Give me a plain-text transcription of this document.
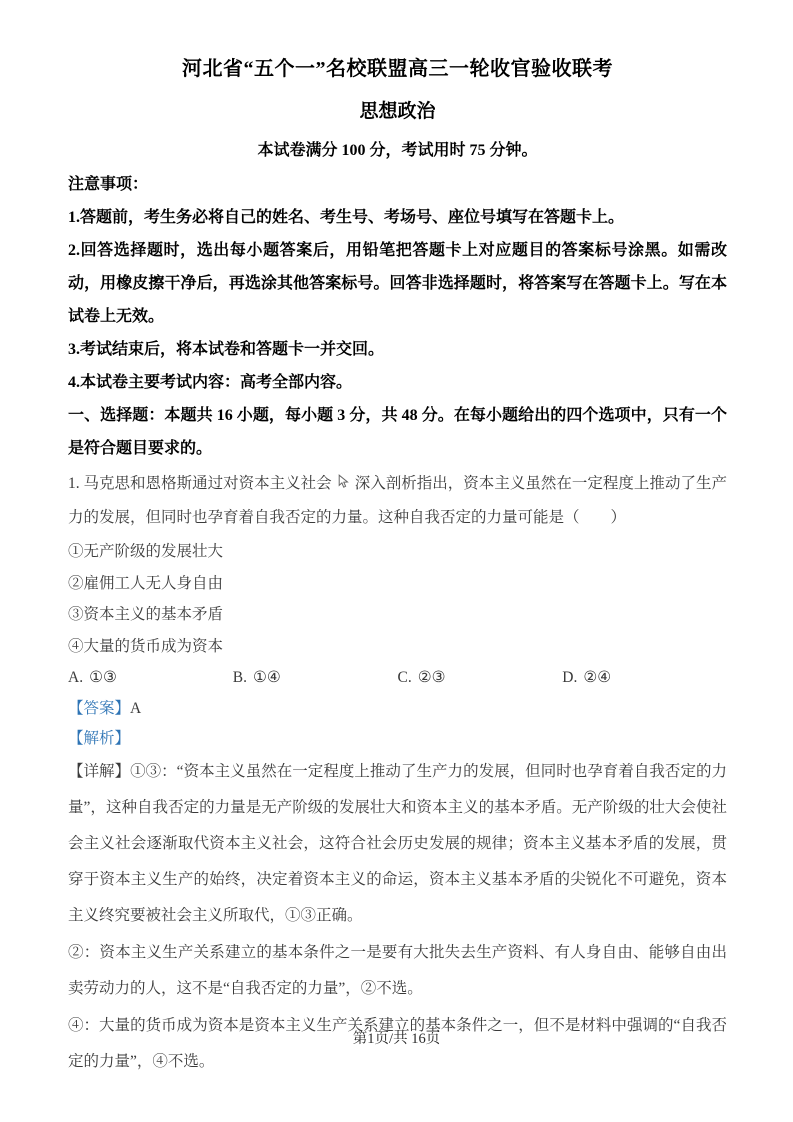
河北省“五个一”名校联盟高三一轮收官验收联考
思想政治
本试卷满分 100 分，考试用时 75 分钟。

注意事项：

1.答题前，考生务必将自己的姓名、考生号、考场号、座位号填写在答题卡上。

2.回答选择题时，选出每小题答案后，用铅笔把答题卡上对应题目的答案标号涂黑。如需改动，用橡皮擦干净后，再选涂其他答案标号。回答非选择题时，将答案写在答题卡上。写在本试卷上无效。

3.考试结束后，将本试卷和答题卡一并交回。

4.本试卷主要考试内容：高考全部内容。

一、选择题：本题共 16 小题，每小题 3 分，共 48 分。在每小题给出的四个选项中，只有一个是符合题目要求的。

1. 马克思和恩格斯通过对资本主义社会 深入剖析指出，资本主义虽然在一定程度上推动了生产力的发展，但同时也孕育着自我否定的力量。这种自我否定的力量可能是（　　）

①无产阶级的发展壮大

②雇佣工人无人身自由

③资本主义的基本矛盾

④大量的货币成为资本

A. ①③	B. ①④	C. ②③	D. ②④

【答案】A

【解析】

【详解】①③：“资本主义虽然在一定程度上推动了生产力的发展，但同时也孕育着自我否定的力量”，这种自我否定的力量是无产阶级的发展壮大和资本主义的基本矛盾。无产阶级的壮大会使社会主义社会逐渐取代资本主义社会，这符合社会历史发展的规律；资本主义基本矛盾的发展，贯穿于资本主义生产的始终，决定着资本主义的命运，资本主义基本矛盾的尖锐化不可避免，资本主义终究要被社会主义所取代，①③正确。

②：资本主义生产关系建立的基本条件之一是要有大批失去生产资料、有人身自由、能够自由出卖劳动力的人，这不是“自我否定的力量”，②不选。

④：大量的货币成为资本是资本主义生产关系建立的基本条件之一，但不是材料中强调的“自我否定的力量”，④不选。

第1页/共 16页
